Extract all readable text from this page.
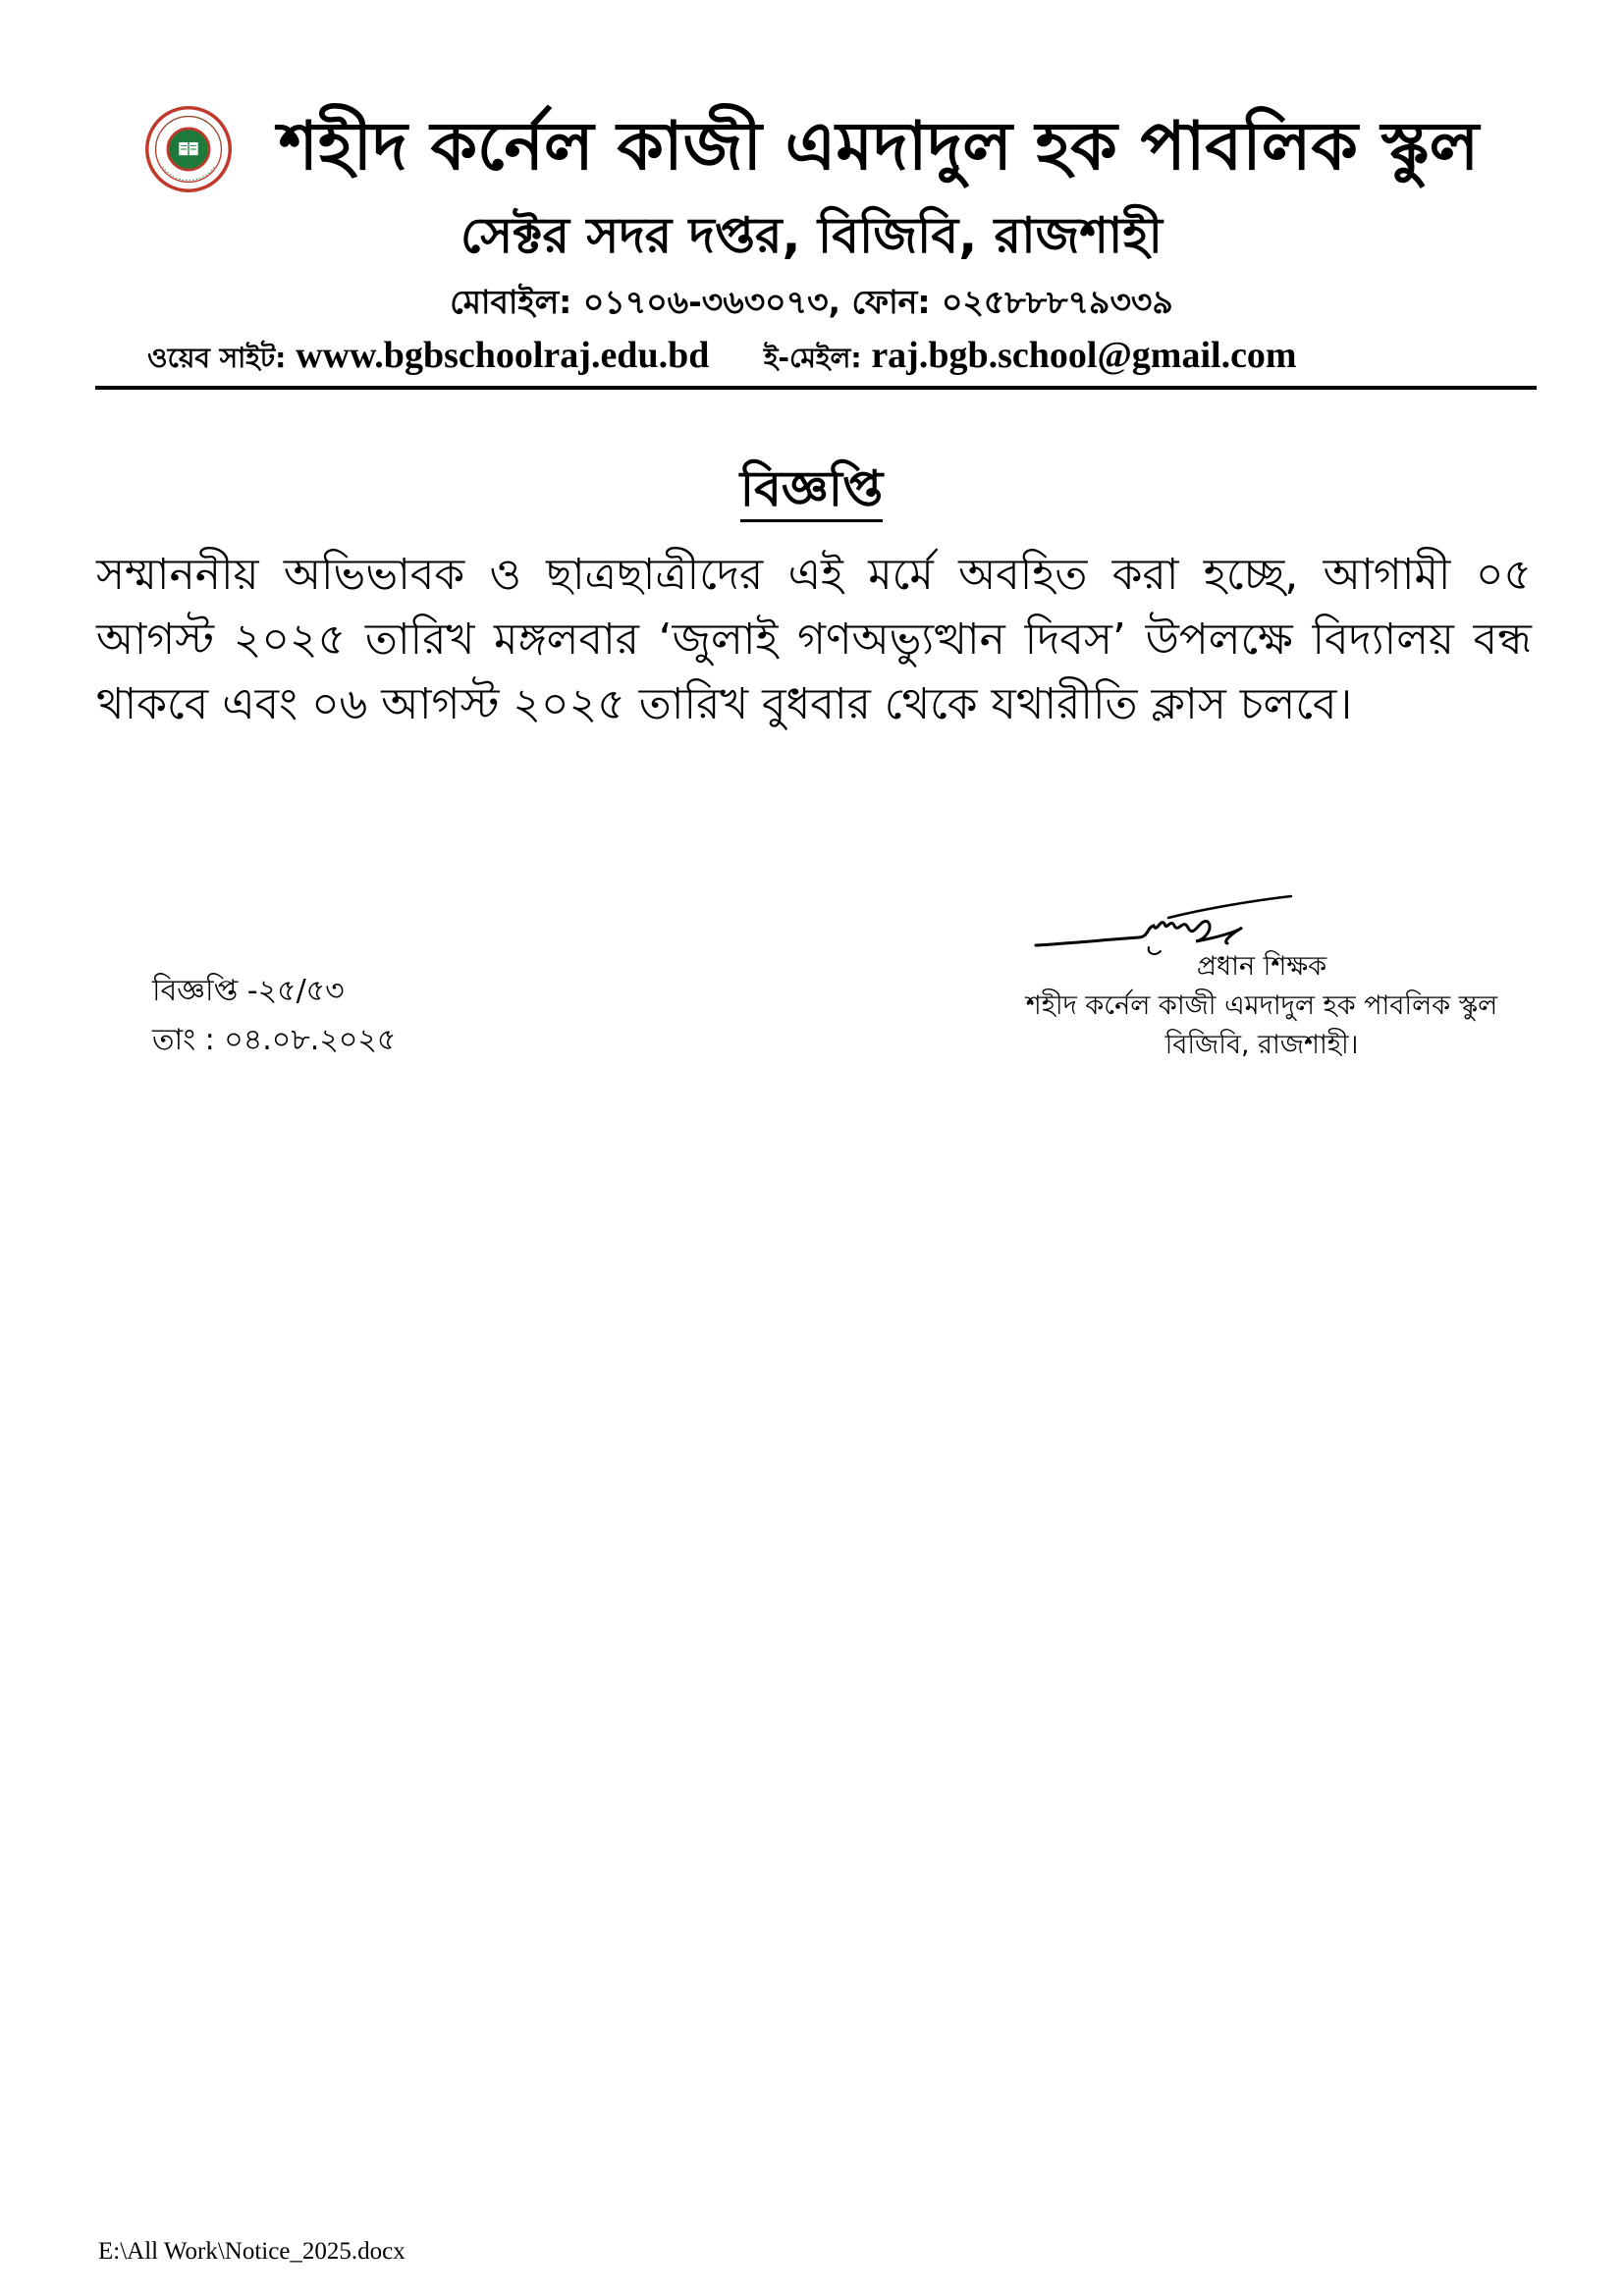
শহীদ কর্নেল কাজী এমদাদুল হক পাবলিক স্কুল
সেক্টর সদর দপ্তর, বিজিবি, রাজশাহী
মোবাইল: ০১৭০৬-৩৬৩০৭৩, ফোন: ০২৫৮৮৮৭৯৩৩৯
ওয়েব সাইট: www.bgbschoolraj.edu.bd ই-মেইল: raj.bgb.school@gmail.com
বিজ্ঞপ্তি
সম্মাননীয় অভিভাবক ও ছাত্রছাত্রীদের এই মর্মে অবহিত করা হচ্ছে, আগামী ০৫ আগস্ট ২০২৫ তারিখ মঙ্গলবার ‘জুলাই গণঅভ্যুত্থান দিবস’ উপলক্ষে বিদ্যালয় বন্ধ থাকবে এবং ০৬ আগস্ট ২০২৫ তারিখ বুধবার থেকে যথারীতি ক্লাস চলবে।
বিজ্ঞপ্তি -২৫/৫৩
তাং : ০৪.০৮.২০২৫
প্রধান শিক্ষক
শহীদ কর্নেল কাজী এমদাদুল হক পাবলিক স্কুল
বিজিবি, রাজশাহী।
E:\All Work\Notice_2025.docx
